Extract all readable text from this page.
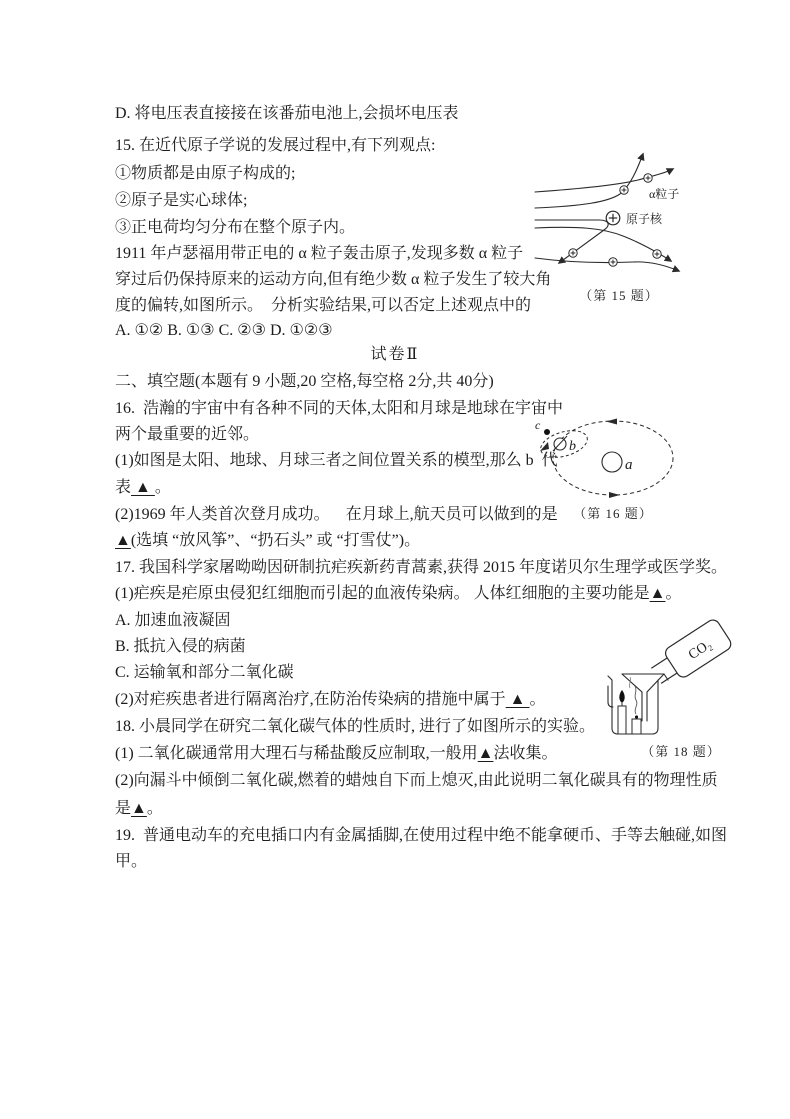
D. 将电压表直接接在该番茄电池上,会损坏电压表
15. 在近代原子学说的发展过程中,有下列观点:
①物质都是由原子构成的;
②原子是实心球体;
③正电荷均匀分布在整个原子内。
1911 年卢瑟福用带正电的 α 粒子轰击原子,发现多数 α 粒子
穿过后仍保持原来的运动方向,但有绝少数 α 粒子发生了较大角
度的偏转,如图所示。  分析实验结果,可以否定上述观点中的
A. ①② B. ①③ C. ②③ D. ①②③
试卷Ⅱ
二、填空题(本题有 9 小题,20 空格,每空格 2分,共 40分)
16.  浩瀚的宇宙中有各种不同的天体,太阳和月球是地球在宇宙中
两个最重要的近邻。
(1)如图是太阳、地球、月球三者之间位置关系的模型,那么 b  代
表 ▲ 。
(2)1969 年人类首次登月成功。    在月球上,航天员可以做到的是
▲(选填 “放风筝”、“扔石头” 或 “打雪仗”)。
17. 我国科学家屠呦呦因研制抗疟疾新药青蒿素,获得 2015 年度诺贝尔生理学或医学奖。
(1)疟疾是疟原虫侵犯红细胞而引起的血液传染病。 人体红细胞的主要功能是▲。
A. 加速血液凝固
B. 抵抗入侵的病菌
C. 运输氧和部分二氧化碳
(2)对疟疾患者进行隔离治疗,在防治传染病的措施中属于 ▲ 。
18. 小晨同学在研究二氧化碳气体的性质时, 进行了如图所示的实验。
(1) 二氧化碳通常用大理石与稀盐酸反应制取,一般用▲法收集。
(2)向漏斗中倾倒二氧化碳,燃着的蜡烛自下而上熄灭,由此说明二氧化碳具有的物理性质
是▲。
19.  普通电动车的充电插口内有金属插脚,在使用过程中绝不能拿硬币、手等去触碰,如图
甲。
α粒子
原子核
（第 15 题）
a
b
c
（第 16 题）
CO₂
（第 18 题）
